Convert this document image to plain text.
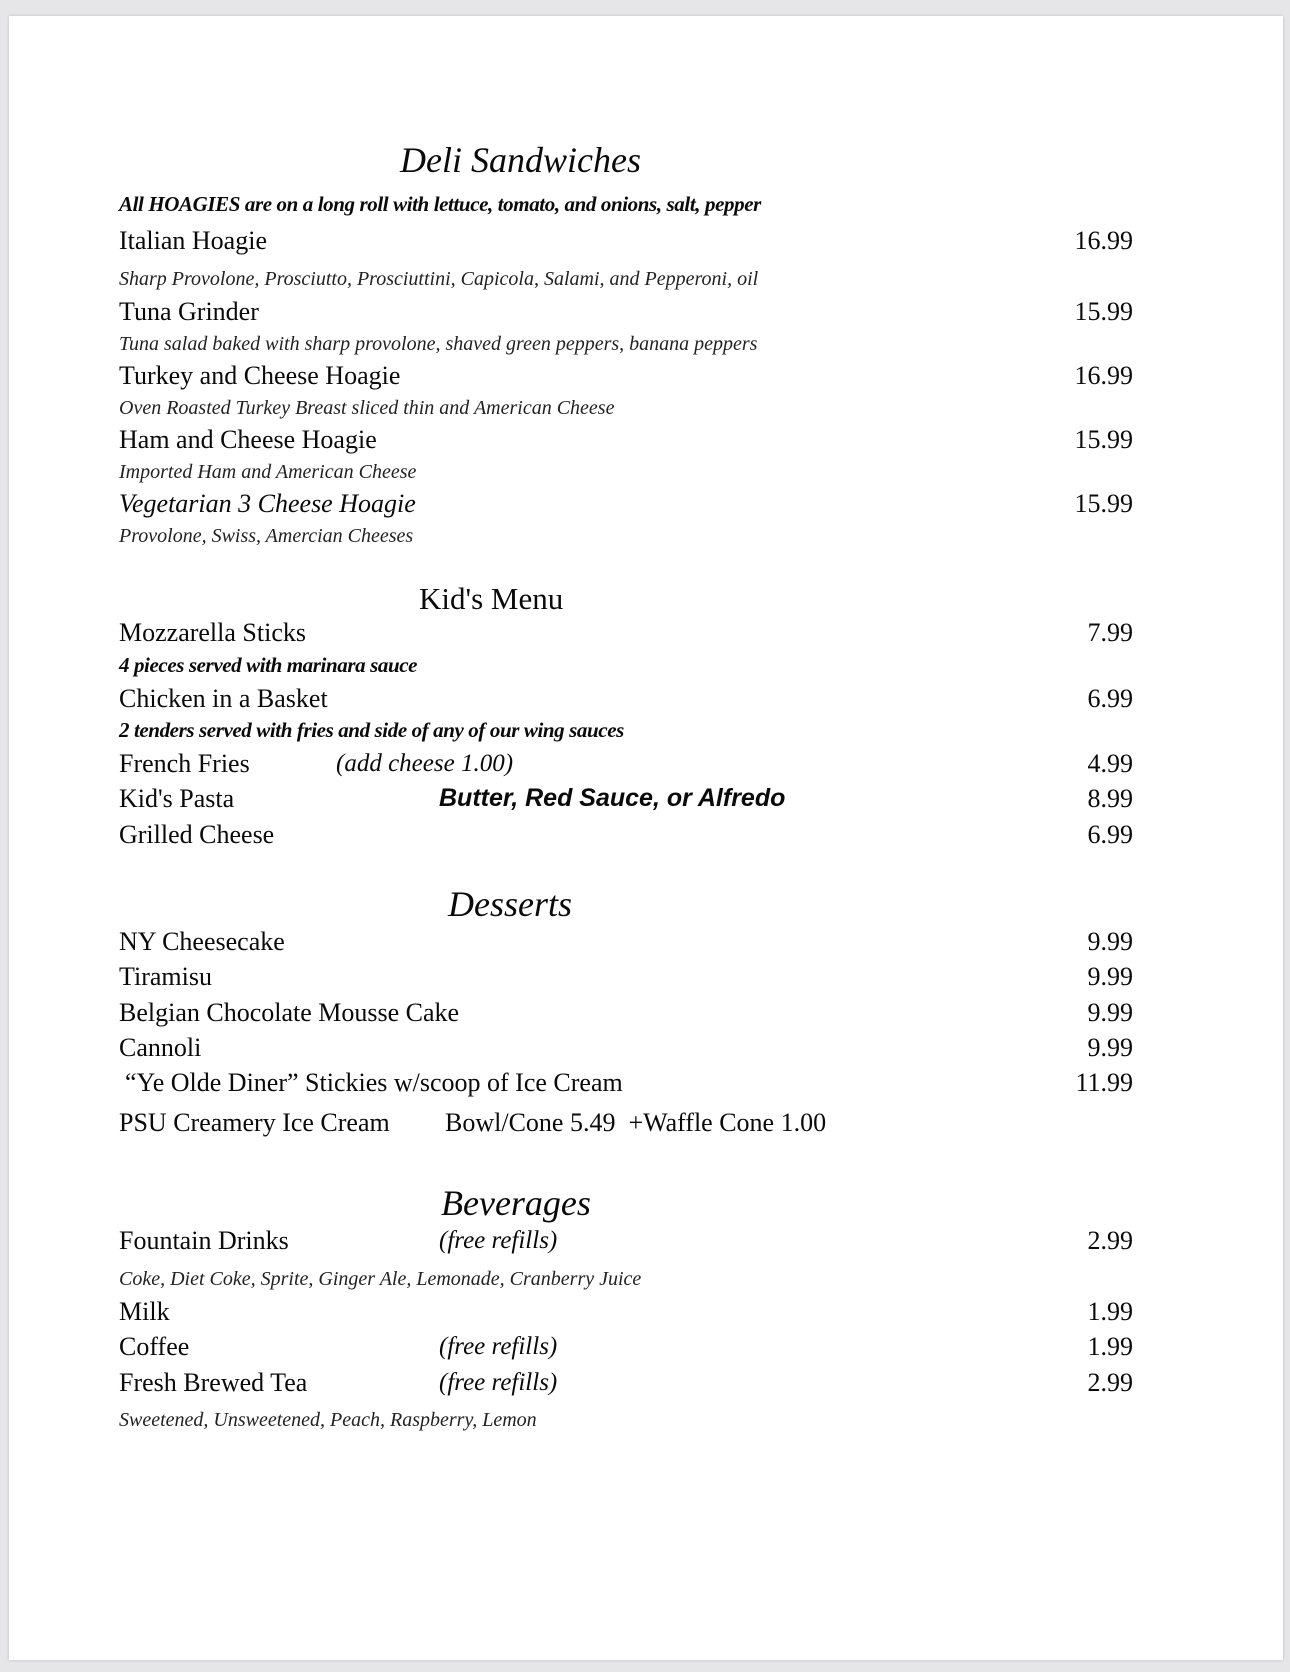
Deli Sandwiches
All HOAGIES are on a long roll with lettuce, tomato, and onions, salt, pepper
Italian Hoagie	16.99
Sharp Provolone, Prosciutto, Prosciuttini, Capicola, Salami, and Pepperoni, oil
Tuna Grinder	15.99
Tuna salad baked with sharp provolone, shaved green peppers, banana peppers
Turkey and Cheese Hoagie	16.99
Oven Roasted Turkey Breast sliced thin and American Cheese
Ham and Cheese Hoagie	15.99
Imported Ham and American Cheese
Vegetarian 3 Cheese Hoagie	15.99
Provolone, Swiss, Amercian Cheeses
Kid's Menu
Mozzarella Sticks	7.99
4 pieces served with marinara sauce
Chicken in a Basket	6.99
2 tenders served with fries and side of any of our wing sauces
French Fries	(add cheese 1.00)	4.99
Kid's Pasta	Butter, Red Sauce, or Alfredo	8.99
Grilled Cheese	6.99
Desserts
NY Cheesecake	9.99
Tiramisu	9.99
Belgian Chocolate Mousse Cake	9.99
Cannoli	9.99
“Ye Olde Diner” Stickies w/scoop of Ice Cream	11.99
PSU Creamery Ice Cream Bowl/Cone 5.49  +Waffle Cone 1.00
Beverages
Fountain Drinks	(free refills)	2.99
Coke, Diet Coke, Sprite, Ginger Ale, Lemonade, Cranberry Juice
Milk	1.99
Coffee	(free refills)	1.99
Fresh Brewed Tea	(free refills)	2.99
Sweetened, Unsweetened, Peach, Raspberry, Lemon
